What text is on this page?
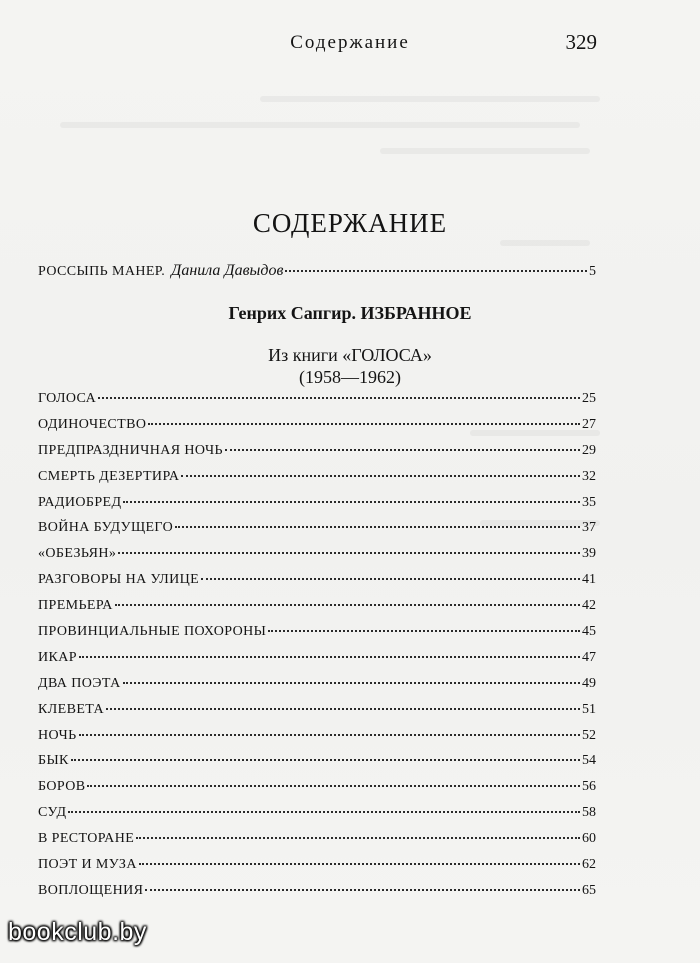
Содержание	329
СОДЕРЖАНИЕ
РОССЫПЬ МАНЕР. Данила Давыдов	5
Генрих Сапгир. ИЗБРАННОЕ
Из книги «ГОЛОСА»
(1958—1962)
ГОЛОСА	25
ОДИНОЧЕСТВО	27
ПРЕДПРАЗДНИЧНАЯ НОЧЬ	29
СМЕРТЬ ДЕЗЕРТИРА	32
РАДИОБРЕД	35
ВОЙНА БУДУЩЕГО	37
«ОБЕЗЬЯН»	39
РАЗГОВОРЫ НА УЛИЦЕ	41
ПРЕМЬЕРА	42
ПРОВИНЦИАЛЬНЫЕ ПОХОРОНЫ	45
ИКАР	47
ДВА ПОЭТА	49
КЛЕВЕТА	51
НОЧЬ	52
БЫК	54
БОРОВ	56
СУД	58
В РЕСТОРАНЕ	60
ПОЭТ И МУЗА	62
ВОПЛОЩЕНИЯ	65
bookclub.by
